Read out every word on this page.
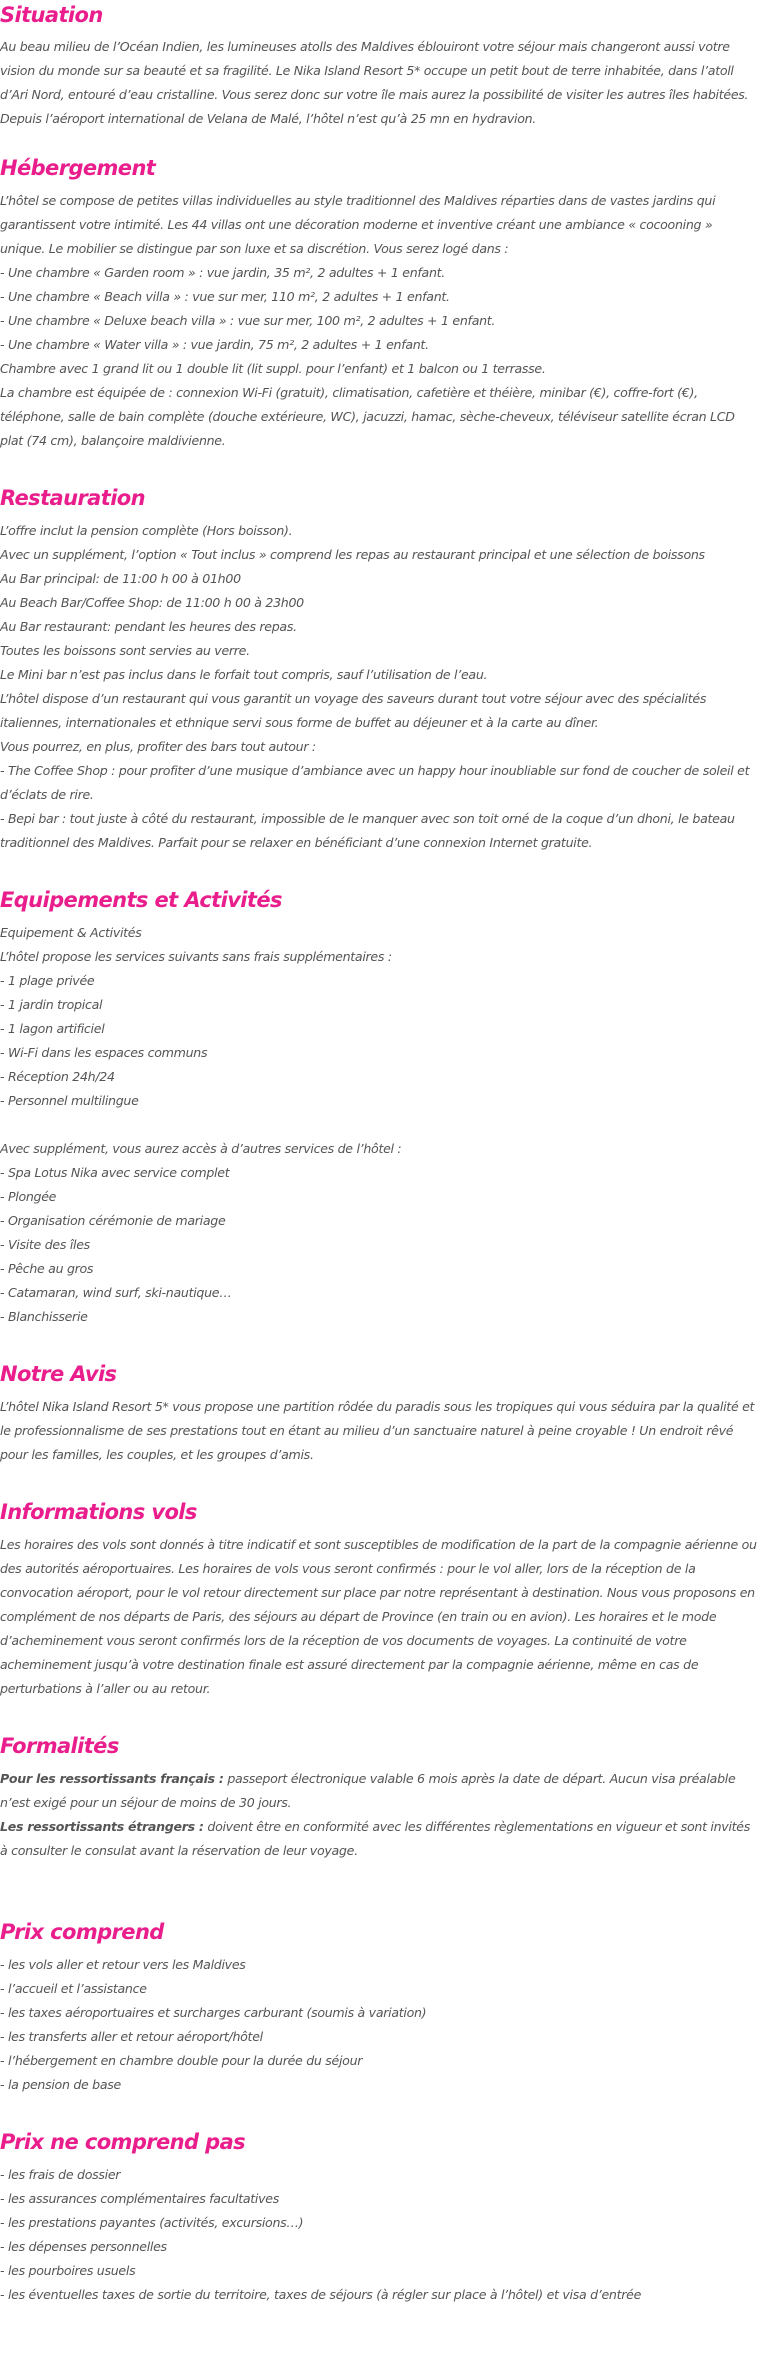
Situation

Au beau milieu de l’Océan Indien, les lumineuses atolls des Maldives éblouiront votre séjour mais changeront aussi votre vision du monde sur sa beauté et sa fragilité. Le Nika Island Resort 5* occupe un petit bout de terre inhabitée, dans l’atoll d’Ari Nord, entouré d’eau cristalline. Vous serez donc sur votre île mais aurez la possibilité de visiter les autres îles habitées. Depuis l’aéroport international de Velana de Malé, l’hôtel n’est qu’à 25 mn en hydravion.

Hébergement

L’hôtel se compose de petites villas individuelles au style traditionnel des Maldives réparties dans de vastes jardins qui garantissent votre intimité. Les 44 villas ont une décoration moderne et inventive créant une ambiance « cocooning » unique. Le mobilier se distingue par son luxe et sa discrétion. Vous serez logé dans :

- Une chambre « Garden room » : vue jardin, 35 m², 2 adultes + 1 enfant.
- Une chambre « Beach villa » : vue sur mer, 110 m², 2 adultes + 1 enfant.
- Une chambre « Deluxe beach villa » : vue sur mer, 100 m², 2 adultes + 1 enfant.
- Une chambre « Water villa » : vue jardin, 75 m², 2 adultes + 1 enfant.
Chambre avec 1 grand lit ou 1 double lit (lit suppl. pour l’enfant) et 1 balcon ou 1 terrasse.

La chambre est équipée de : connexion Wi-Fi (gratuit), climatisation, cafetière et théière, minibar (€), coffre-fort (€), téléphone, salle de bain complète (douche extérieure, WC), jacuzzi, hamac, sèche-cheveux, téléviseur satellite écran LCD plat (74 cm), balançoire maldivienne.

Restauration
L’offre inclut la pension complète (Hors boisson).
Avec un supplément, l’option « Tout inclus » comprend les repas au restaurant principal et une sélection de boissons
Au Bar principal: de 11:00 h 00 à 01h00
Au Beach Bar/Coffee Shop: de 11:00 h 00 à 23h00
Au Bar restaurant: pendant les heures des repas.
Toutes les boissons sont servies au verre.
Le Mini bar n’est pas inclus dans le forfait tout compris, sauf l’utilisation de l’eau.
L’hôtel dispose d’un restaurant qui vous garantit un voyage des saveurs durant tout votre séjour avec des spécialités italiennes, internationales et ethnique servi sous forme de buffet au déjeuner et à la carte au dîner.
Vous pourrez, en plus, profiter des bars tout autour :
- The Coffee Shop : pour profiter d’une musique d’ambiance avec un happy hour inoubliable sur fond de coucher de soleil et d’éclats de rire.
- Bepi bar : tout juste à côté du restaurant, impossible de le manquer avec son toit orné de la coque d’un dhoni, le bateau traditionnel des Maldives. Parfait pour se relaxer en bénéficiant d’une connexion Internet gratuite.
Equipements et Activités
Equipement & Activités
L’hôtel propose les services suivants sans frais supplémentaires :
- 1 plage privée
- 1 jardin tropical
- 1 lagon artificiel
- Wi-Fi dans les espaces communs
- Réception 24h/24
- Personnel multilingue
Avec supplément, vous aurez accès à d’autres services de l’hôtel :
- Spa Lotus Nika avec service complet
- Plongée
- Organisation cérémonie de mariage
- Visite des îles
- Pêche au gros
- Catamaran, wind surf, ski-nautique…
- Blanchisserie
Notre Avis

L’hôtel Nika Island Resort 5* vous propose une partition rôdée du paradis sous les tropiques qui vous séduira par la qualité et le professionnalisme de ses prestations tout en étant au milieu d’un sanctuaire naturel à peine croyable ! Un endroit rêvé pour les familles, les couples, et les groupes d’amis.

Informations vols

Les horaires des vols sont donnés à titre indicatif et sont susceptibles de modification de la part de la compagnie aérienne ou des autorités aéroportuaires. Les horaires de vols vous seront confirmés : pour le vol aller, lors de la réception de la convocation aéroport, pour le vol retour directement sur place par notre représentant à destination. Nous vous proposons en complément de nos départs de Paris, des séjours au départ de Province (en train ou en avion). Les horaires et le mode d’acheminement vous seront confirmés lors de la réception de vos documents de voyages. La continuité de votre acheminement jusqu’à votre destination finale est assuré directement par la compagnie aérienne, même en cas de perturbations à l’aller ou au retour.

Formalités

Pour les ressortissants français : passeport électronique valable 6 mois après la date de départ. Aucun visa préalable n’est exigé pour un séjour de moins de 30 jours.

Les ressortissants étrangers : doivent être en conformité avec les différentes règlementations en vigueur et sont invités à consulter le consulat avant la réservation de leur voyage.

Prix comprend
- les vols aller et retour vers les Maldives
- l’accueil et l’assistance
- les taxes aéroportuaires et surcharges carburant (soumis à variation)
- les transferts aller et retour aéroport/hôtel
- l’hébergement en chambre double pour la durée du séjour
- la pension de base
Prix ne comprend pas
- les frais de dossier
- les assurances complémentaires facultatives
- les prestations payantes (activités, excursions…)
- les dépenses personnelles
- les pourboires usuels
- les éventuelles taxes de sortie du territoire, taxes de séjours (à régler sur place à l’hôtel) et visa d’entrée
